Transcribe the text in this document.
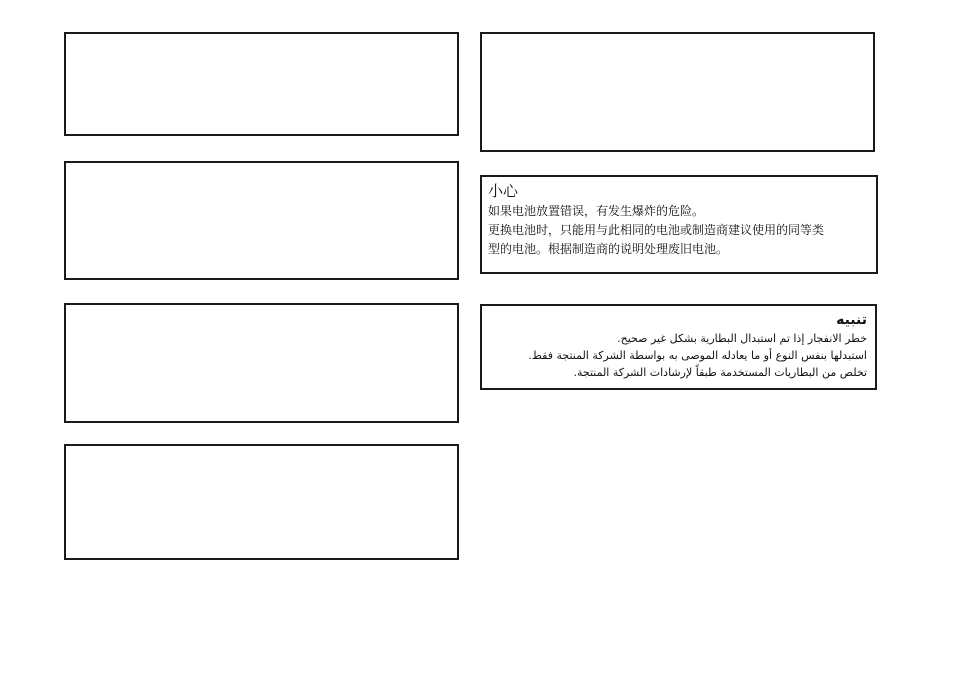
小心

如果电池放置错误，有发生爆炸的危险。

更换电池时，只能用与此相同的电池或制造商建议使用的同等类

型的电池。根据制造商的说明处理废旧电池。

تنبيه

خطر الانفجار إذا تم استبدال البطارية بشكل غير صحيح.

استبدلها بنفس النوع أو ما يعادله الموصى به بواسطة الشركة المنتجة فقط.

تخلص من البطاريات المستخدمة طبقاً لإرشادات الشركة المنتجة.
